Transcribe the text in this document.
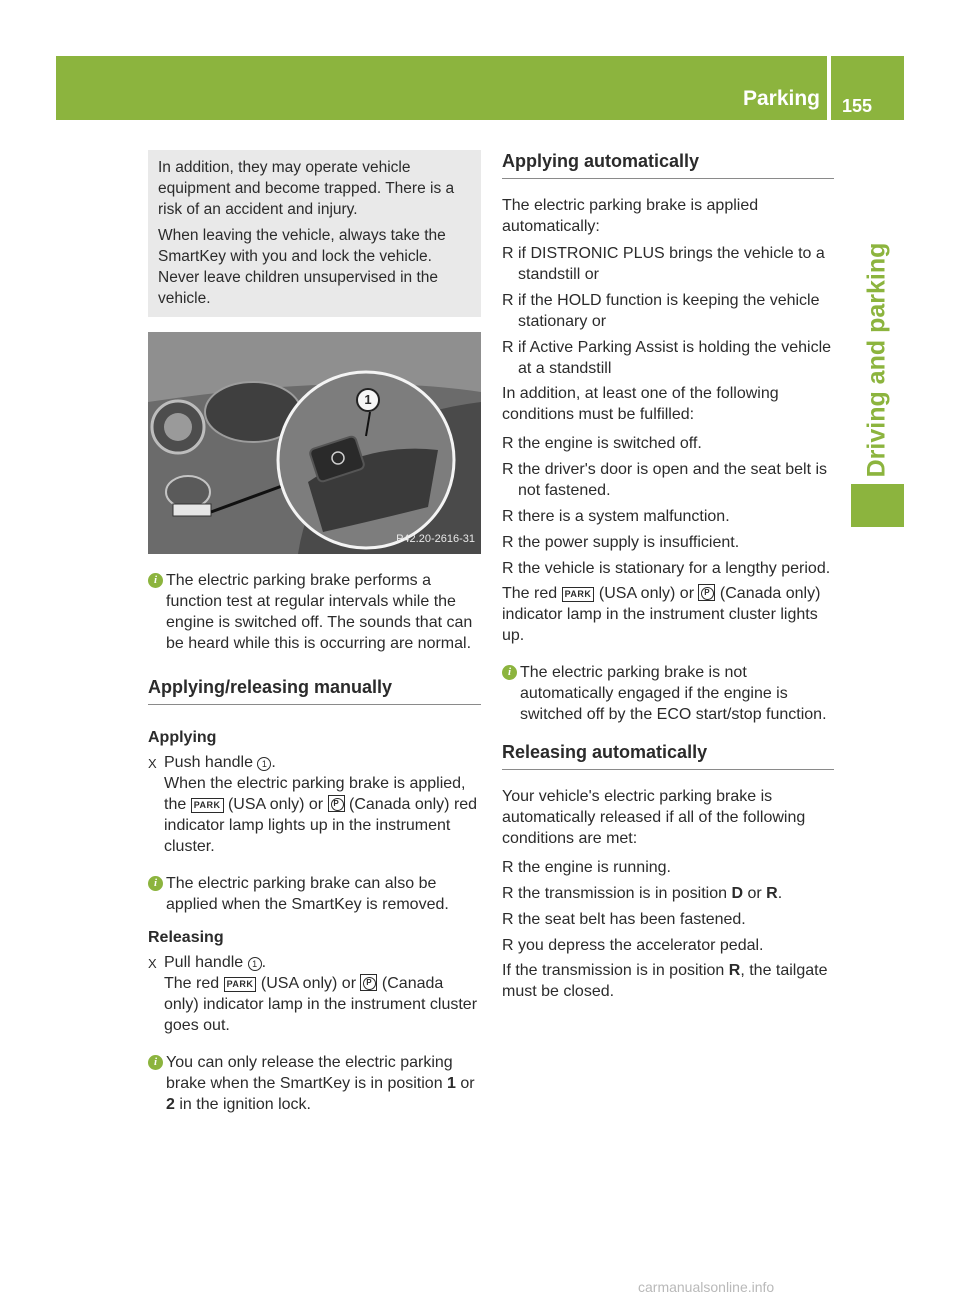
Parking 155
Driving and parking

In addition, they may operate vehicle equipment and become trapped. There is a risk of an accident and injury.

When leaving the vehicle, always take the SmartKey with you and lock the vehicle. Never leave children unsupervised in the vehicle.

1
P42.20-2616-31
i The electric parking brake performs a function test at regular intervals while the engine is switched off. The sounds that can be heard while this is occurring are normal.
Applying/releasing manually
Applying
X Push handle 1 .
When the electric parking brake is applied, the PARK (USA only) or P (Canada only) red indicator lamp lights up in the instrument cluster.
i The electric parking brake can also be applied when the SmartKey is removed.
Releasing
X Pull handle 1 .
The red PARK (USA only) or P (Canada only) indicator lamp in the instrument cluster goes out.
i You can only release the electric parking brake when the SmartKey is in position 1 or 2 in the ignition lock.
Applying automatically

The electric parking brake is applied automatically:

R if DISTRONIC PLUS brings the vehicle to a standstill or
R if the HOLD function is keeping the vehicle stationary or
R if Active Parking Assist is holding the vehicle at a standstill

In addition, at least one of the following conditions must be fulfilled:

R the engine is switched off.
R the driver's door is open and the seat belt is not fastened.
R there is a system malfunction.
R the power supply is insufficient.
R the vehicle is stationary for a lengthy period.

The red PARK (USA only) or P (Canada only) indicator lamp in the instrument cluster lights up.

i The electric parking brake is not automatically engaged if the engine is switched off by the ECO start/stop function.
Releasing automatically

Your vehicle's electric parking brake is automatically released if all of the following conditions are met:

R the engine is running.
R the transmission is in position D or R.
R the seat belt has been fastened.
R you depress the accelerator pedal.

If the transmission is in position R, the tailgate must be closed.

carmanualsonline.info
